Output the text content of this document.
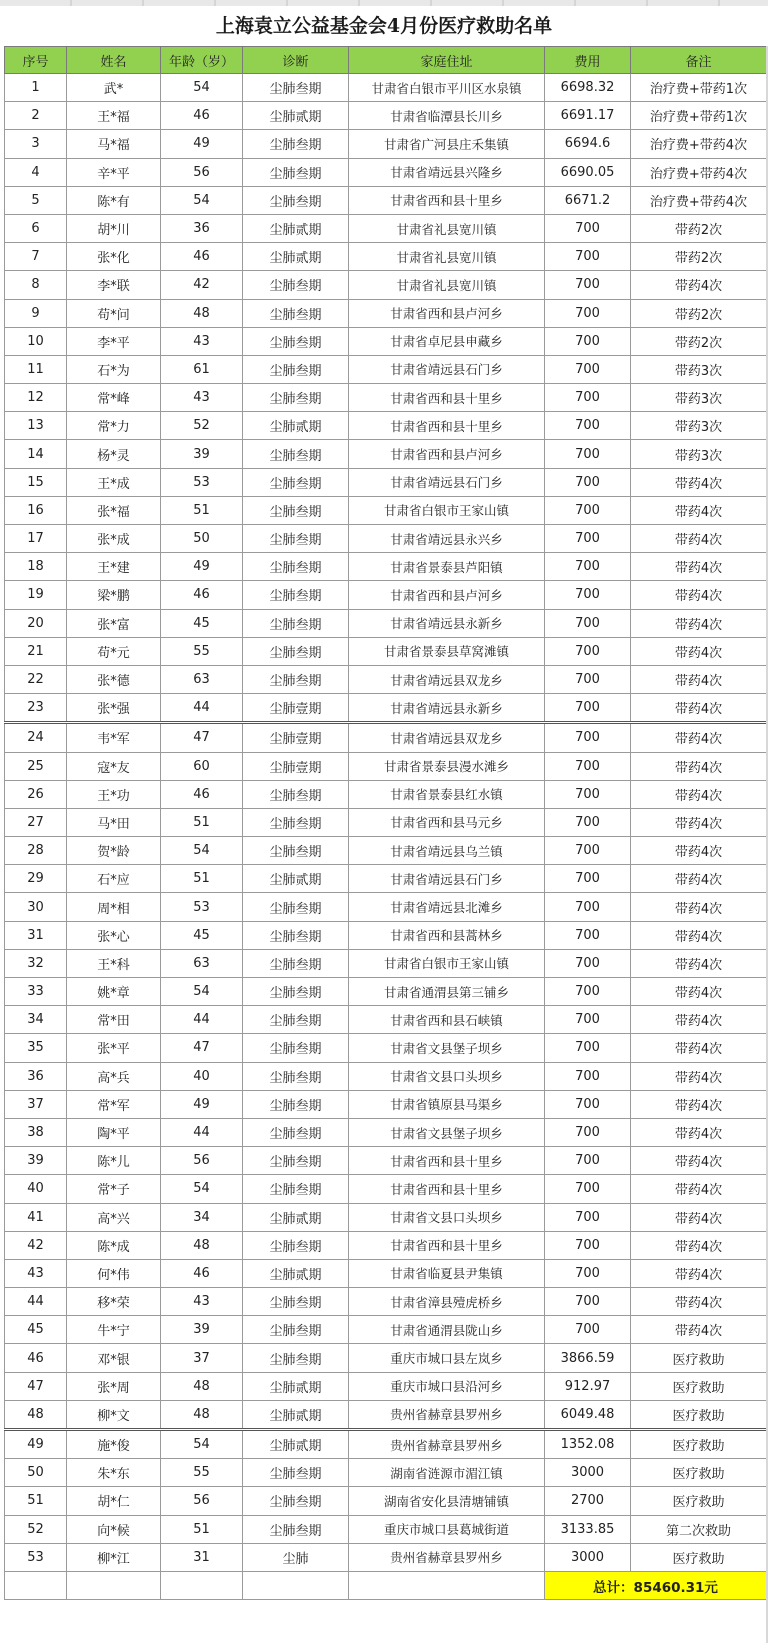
上海袁立公益基金会4月份医疗救助名单
序号	姓名	年龄（岁）	诊断	家庭住址	费用	备注
1	武*	54	尘肺叁期	甘肃省白银市平川区水泉镇	6698.32	治疗费+带药1次
2	王*福	46	尘肺贰期	甘肃省临潭县长川乡	6691.17	治疗费+带药1次
3	马*福	49	尘肺叁期	甘肃省广河县庄禾集镇	6694.6	治疗费+带药4次
4	辛*平	56	尘肺叁期	甘肃省靖远县兴隆乡	6690.05	治疗费+带药4次
5	陈*有	54	尘肺叁期	甘肃省西和县十里乡	6671.2	治疗费+带药4次
6	胡*川	36	尘肺贰期	甘肃省礼县宽川镇	700	带药2次
7	张*化	46	尘肺贰期	甘肃省礼县宽川镇	700	带药2次
8	李*联	42	尘肺叁期	甘肃省礼县宽川镇	700	带药4次
9	苟*问	48	尘肺叁期	甘肃省西和县卢河乡	700	带药2次
10	李*平	43	尘肺叁期	甘肃省卓尼县申藏乡	700	带药2次
11	石*为	61	尘肺叁期	甘肃省靖远县石门乡	700	带药3次
12	常*峰	43	尘肺叁期	甘肃省西和县十里乡	700	带药3次
13	常*力	52	尘肺贰期	甘肃省西和县十里乡	700	带药3次
14	杨*灵	39	尘肺叁期	甘肃省西和县卢河乡	700	带药3次
15	王*成	53	尘肺叁期	甘肃省靖远县石门乡	700	带药4次
16	张*福	51	尘肺叁期	甘肃省白银市王家山镇	700	带药4次
17	张*成	50	尘肺叁期	甘肃省靖远县永兴乡	700	带药4次
18	王*建	49	尘肺叁期	甘肃省景泰县芦阳镇	700	带药4次
19	梁*鹏	46	尘肺叁期	甘肃省西和县卢河乡	700	带药4次
20	张*富	45	尘肺叁期	甘肃省靖远县永新乡	700	带药4次
21	苟*元	55	尘肺叁期	甘肃省景泰县草窝滩镇	700	带药4次
22	张*德	63	尘肺叁期	甘肃省靖远县双龙乡	700	带药4次
23	张*强	44	尘肺壹期	甘肃省靖远县永新乡	700	带药4次
24	韦*军	47	尘肺壹期	甘肃省靖远县双龙乡	700	带药4次
25	寇*友	60	尘肺壹期	甘肃省景泰县漫水滩乡	700	带药4次
26	王*功	46	尘肺叁期	甘肃省景泰县红水镇	700	带药4次
27	马*田	51	尘肺叁期	甘肃省西和县马元乡	700	带药4次
28	贺*龄	54	尘肺叁期	甘肃省靖远县乌兰镇	700	带药4次
29	石*应	51	尘肺贰期	甘肃省靖远县石门乡	700	带药4次
30	周*相	53	尘肺叁期	甘肃省靖远县北滩乡	700	带药4次
31	张*心	45	尘肺叁期	甘肃省西和县蒿林乡	700	带药4次
32	王*科	63	尘肺叁期	甘肃省白银市王家山镇	700	带药4次
33	姚*章	54	尘肺叁期	甘肃省通渭县第三铺乡	700	带药4次
34	常*田	44	尘肺叁期	甘肃省西和县石峡镇	700	带药4次
35	张*平	47	尘肺叁期	甘肃省文县堡子坝乡	700	带药4次
36	高*兵	40	尘肺叁期	甘肃省文县口头坝乡	700	带药4次
37	常*军	49	尘肺叁期	甘肃省镇原县马渠乡	700	带药4次
38	陶*平	44	尘肺叁期	甘肃省文县堡子坝乡	700	带药4次
39	陈*儿	56	尘肺叁期	甘肃省西和县十里乡	700	带药4次
40	常*子	54	尘肺叁期	甘肃省西和县十里乡	700	带药4次
41	高*兴	34	尘肺贰期	甘肃省文县口头坝乡	700	带药4次
42	陈*成	48	尘肺叁期	甘肃省西和县十里乡	700	带药4次
43	何*伟	46	尘肺贰期	甘肃省临夏县尹集镇	700	带药4次
44	移*荣	43	尘肺叁期	甘肃省漳县殪虎桥乡	700	带药4次
45	牛*宁	39	尘肺叁期	甘肃省通渭县陇山乡	700	带药4次
46	邓*银	37	尘肺叁期	重庆市城口县左岚乡	3866.59	医疗救助
47	张*周	48	尘肺贰期	重庆市城口县沿河乡	912.97	医疗救助
48	柳*文	48	尘肺贰期	贵州省赫章县罗州乡	6049.48	医疗救助
49	施*俊	54	尘肺贰期	贵州省赫章县罗州乡	1352.08	医疗救助
50	朱*东	55	尘肺叁期	湖南省涟源市湄江镇	3000	医疗救助
51	胡*仁	56	尘肺叁期	湖南省安化县清塘铺镇	2700	医疗救助
52	向*候	51	尘肺叁期	重庆市城口县葛城街道	3133.85	第二次救助
53	柳*江	31	尘肺	贵州省赫章县罗州乡	3000	医疗救助
					总计：85460.31元	
